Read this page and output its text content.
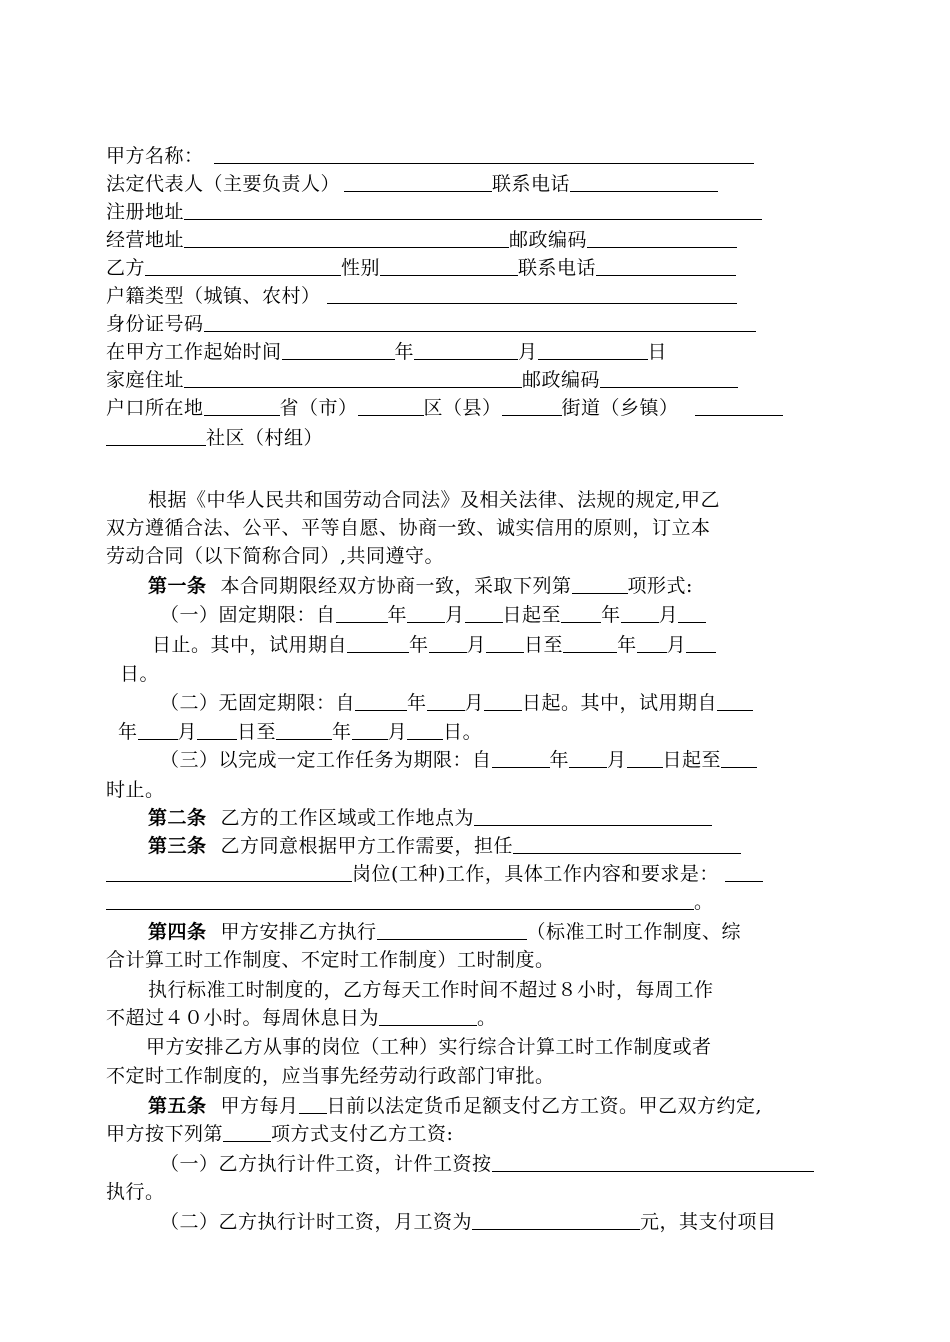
甲方名称：
法定代表人（主要负责人）	联系电话
注册地址
经营地址	邮政编码
乙方	性别	联系电话
户籍类型（城镇、农村）
身份证号码
在甲方工作起始时间	年	月	日
家庭住址	邮政编码
户口所在地	省（市）	区（县）	街道（乡镇）
社区（村组）
根据《中华人民共和国劳动合同法》及相关法律、法规的规定,甲乙
双方遵循合法、公平、平等自愿、协商一致、诚实信用的原则，订立本
劳动合同（以下简称合同）,共同遵守。
第一条 本合同期限经双方协商一致，采取下列第	项形式:
（一）固定期限：自	年 月 日起至 年 月
日止。其中，试用期自	年 月 日至	年 月
日。
（二）无固定期限：自	年 月 日起。其中，试用期自
年 月 日至	年 月 日。
（三）以完成一定工作任务为期限：自	年 月 日起至
时止。
第二条 乙方的工作区域或工作地点为
第三条 乙方同意根据甲方工作需要，担任
岗位(工种)工作，具体工作内容和要求是：
。
第四条 甲方安排乙方执行	（标准工时工作制度、综
合计算工时工作制度、不定时工作制度）工时制度。
执行标准工时制度的，乙方每天工作时间不超过８小时，每周工作
不超过４０小时。每周休息日为	。
甲方安排乙方从事的岗位（工种）实行综合计算工时工作制度或者
不定时工作制度的，应当事先经劳动行政部门审批。
第五条 甲方每月 日前以法定货币足额支付乙方工资。甲乙双方约定,
甲方按下列第	项方式支付乙方工资:
（一）乙方执行计件工资，计件工资按
执行。
（二）乙方执行计时工资，月工资为	元，其支付项目
